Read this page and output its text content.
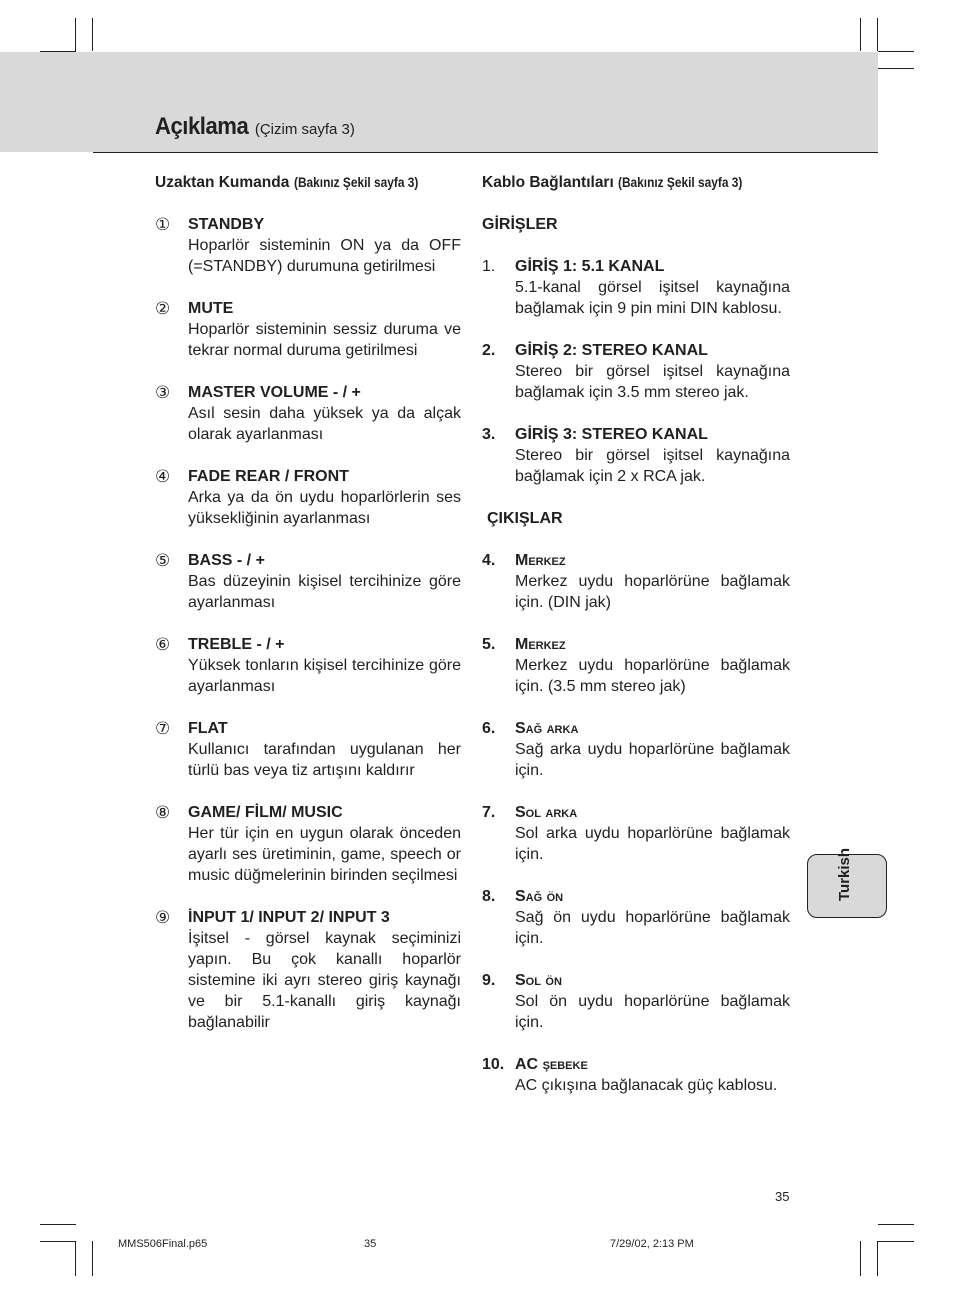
Açıklama (Çizim sayfa 3)
Uzaktan Kumanda (Bakınız Şekil sayfa 3)
① STANDBY
Hoparlör sisteminin ON ya da OFF (=STANDBY) durumuna getirilmesi
② MUTE
Hoparlör sisteminin sessiz duruma ve tekrar normal duruma getirilmesi
③ MASTER VOLUME - / +
Asıl sesin daha yüksek ya da alçak olarak ayarlanması
④ FADE REAR / FRONT
Arka ya da ön uydu hoparlörlerin ses yüksekliğinin ayarlanması
⑤ BASS - / +
Bas düzeyinin kişisel tercihinize göre ayarlanması
⑥ TREBLE - / +
Yüksek tonların kişisel tercihinize göre ayarlanması
⑦ FLAT
Kullanıcı tarafından uygulanan her türlü bas veya tiz artışını kaldırır
⑧ GAME/ FİLM/ MUSIC
Her tür için en uygun olarak önceden ayarlı ses üretiminin, game, speech or music düğmelerinin birinden seçilmesi
⑨ İNPUT 1/ INPUT 2/ INPUT 3
İşitsel - görsel kaynak seçiminizi yapın. Bu çok kanallı hoparlör sistemine iki ayrı stereo giriş kaynağı ve bir 5.1-kanallı giriş kaynağı bağlanabilir
Kablo Bağlantıları (Bakınız Şekil sayfa 3)
GİRİŞLER
1. GİRİŞ 1: 5.1 KANAL
5.1-kanal görsel işitsel kaynağına bağlamak için 9 pin mini DIN kablosu.
2. GİRİŞ 2: STEREO KANAL
Stereo bir görsel işitsel kaynağına bağlamak için 3.5 mm stereo jak.
3. GİRİŞ 3: STEREO KANAL
Stereo bir görsel işitsel kaynağına bağlamak için 2 x RCA jak.
ÇIKIŞLAR
4. Merkez
Merkez uydu hoparlörüne bağlamak için. (DIN jak)
5. Merkez
Merkez uydu hoparlörüne bağlamak için. (3.5 mm stereo jak)
6. Sağ arka
Sağ arka uydu hoparlörüne bağlamak için.
7. Sol arka
Sol arka uydu hoparlörüne bağlamak için.
8. Sağ ön
Sağ ön uydu hoparlörüne bağlamak için.
9. Sol ön
Sol ön uydu hoparlörüne bağlamak için.
10. AC şebeke
AC çıkışına bağlanacak güç kablosu.
Turkish
35
MMS506Final.p65	35	7/29/02, 2:13 PM
